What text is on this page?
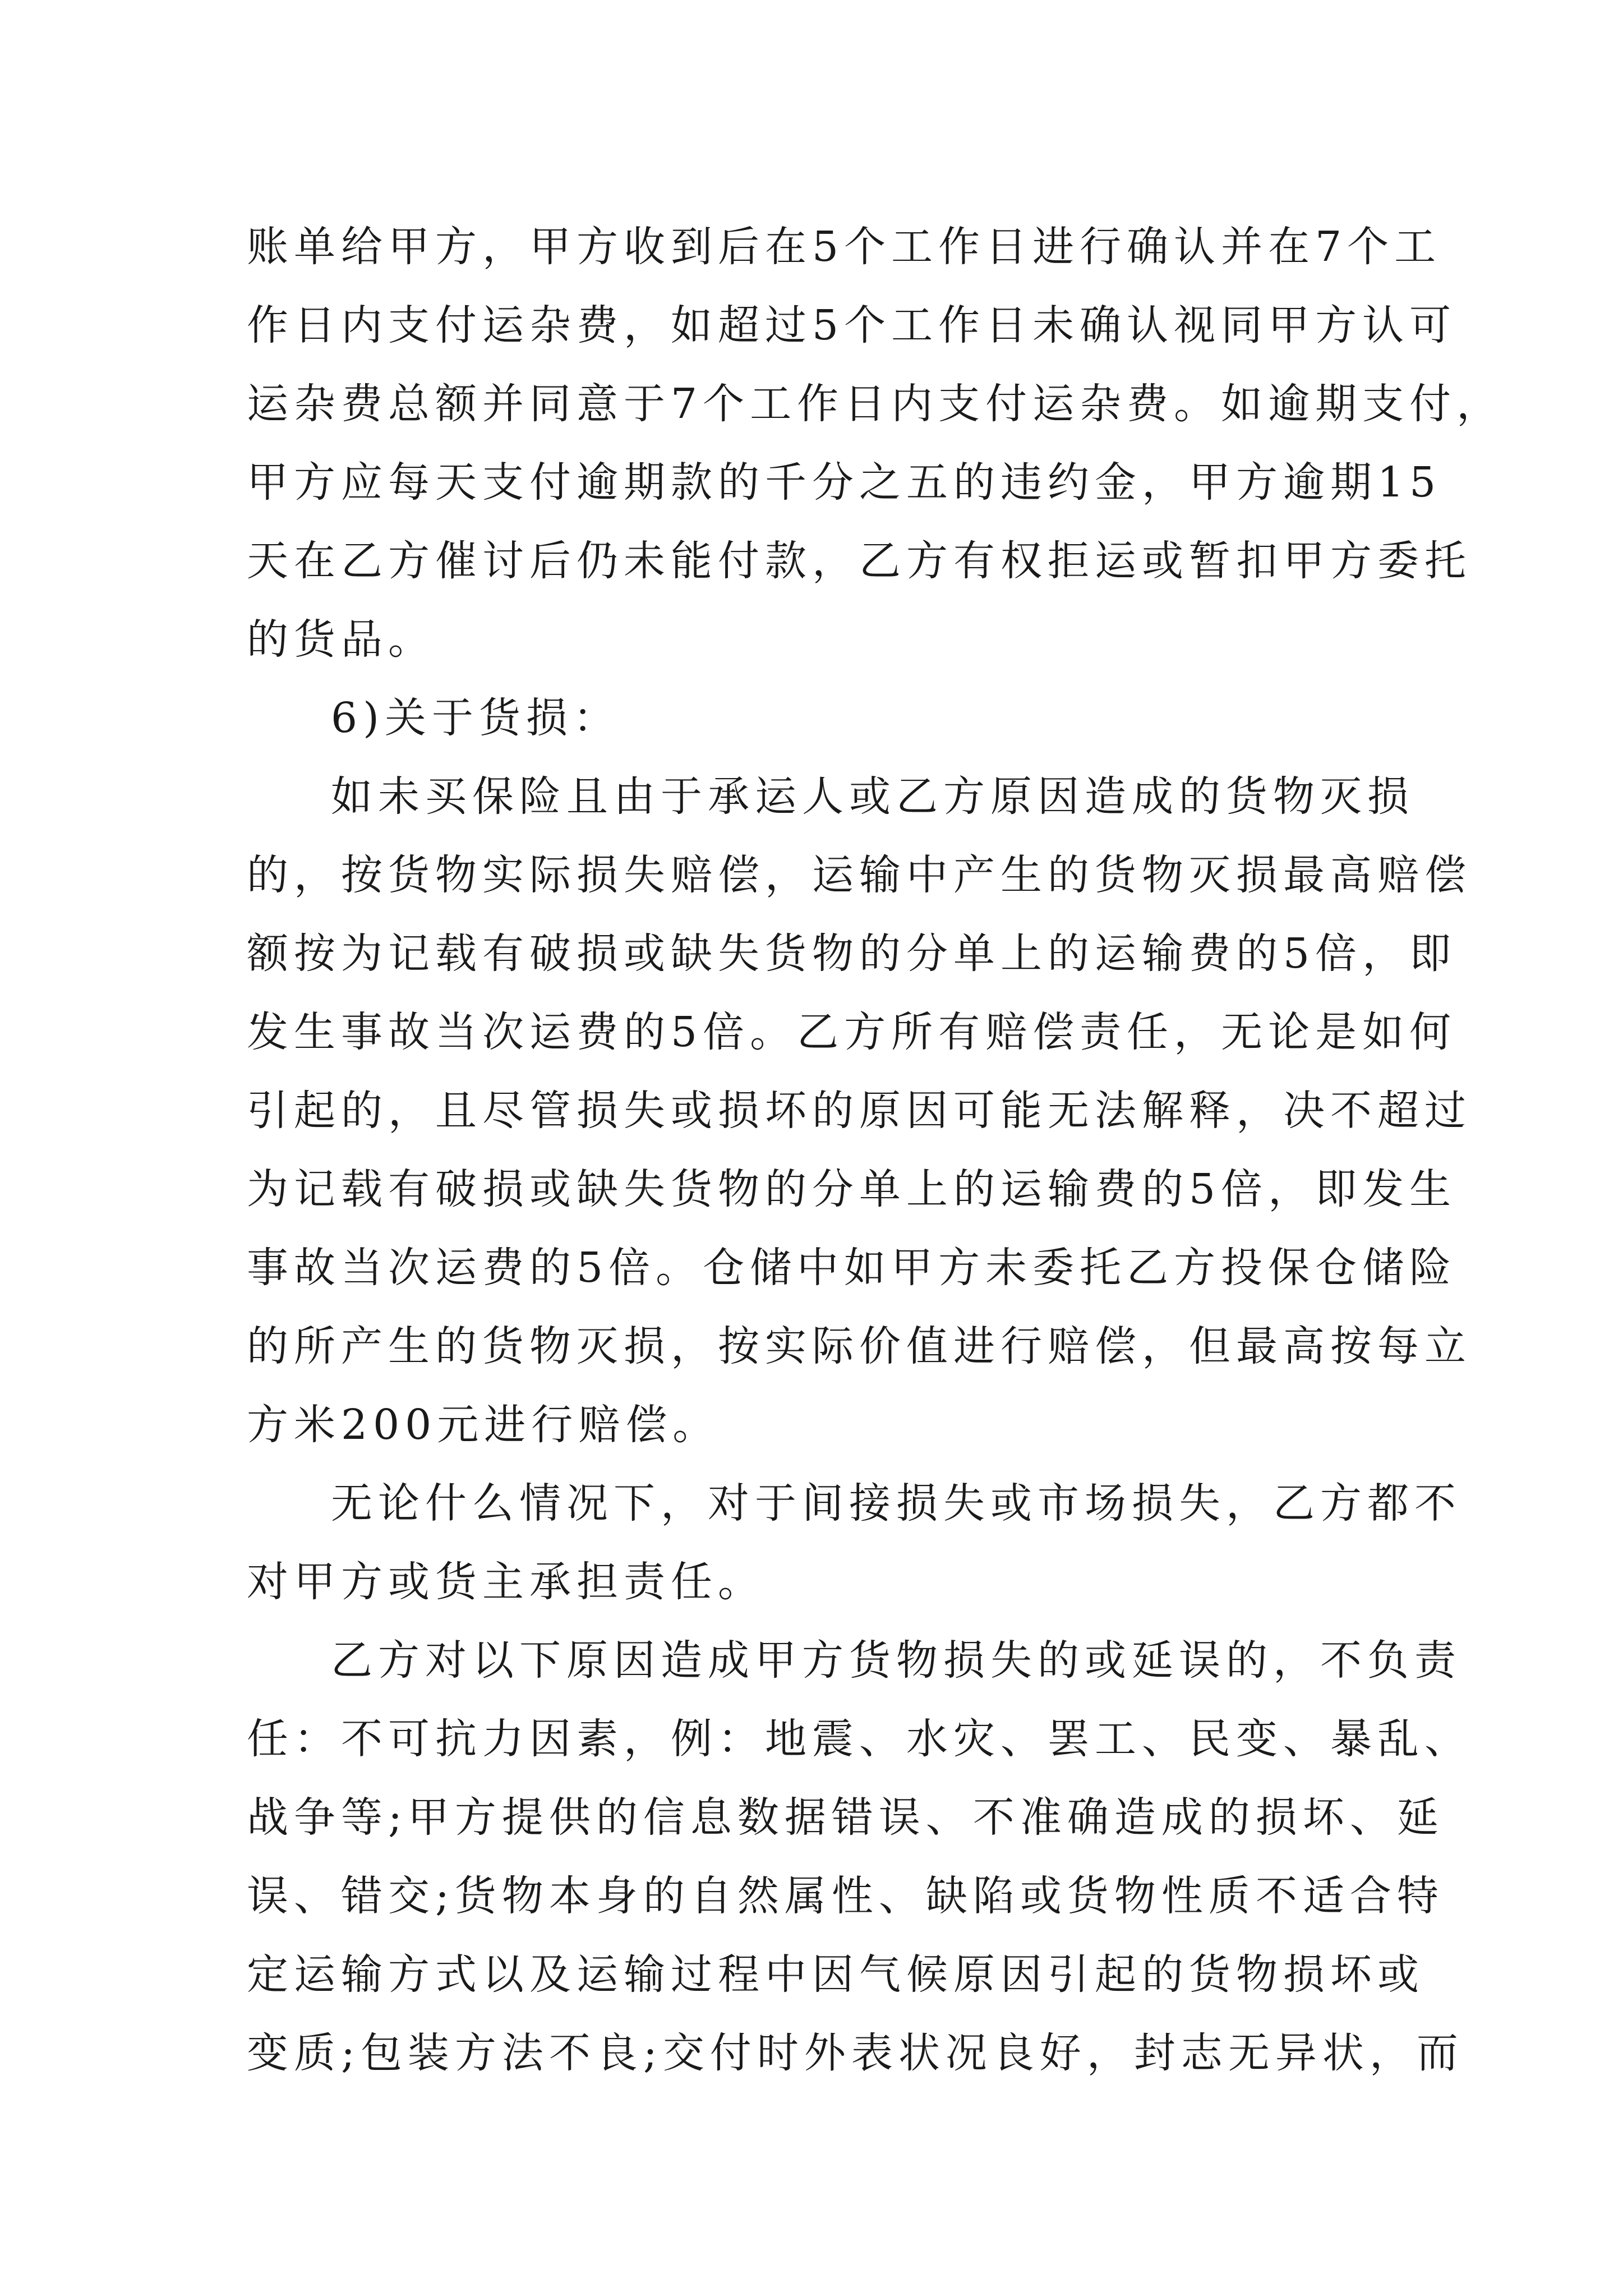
账单给甲方，甲方收到后在5个工作日进行确认并在7个工
作日内支付运杂费，如超过5个工作日未确认视同甲方认可
运杂费总额并同意于7个工作日内支付运杂费。如逾期支付，
甲方应每天支付逾期款的千分之五的违约金，甲方逾期15
天在乙方催讨后仍未能付款，乙方有权拒运或暂扣甲方委托
的货品。
6)关于货损：
如未买保险且由于承运人或乙方原因造成的货物灭损
的，按货物实际损失赔偿，运输中产生的货物灭损最高赔偿
额按为记载有破损或缺失货物的分单上的运输费的5倍，即
发生事故当次运费的5倍。乙方所有赔偿责任，无论是如何
引起的，且尽管损失或损坏的原因可能无法解释，决不超过
为记载有破损或缺失货物的分单上的运输费的5倍，即发生
事故当次运费的5倍。仓储中如甲方未委托乙方投保仓储险
的所产生的货物灭损，按实际价值进行赔偿，但最高按每立
方米200元进行赔偿。
无论什么情况下，对于间接损失或市场损失，乙方都不
对甲方或货主承担责任。
乙方对以下原因造成甲方货物损失的或延误的，不负责
任：不可抗力因素，例：地震、水灾、罢工、民变、暴乱、
战争等;甲方提供的信息数据错误、不准确造成的损坏、延
误、错交;货物本身的自然属性、缺陷或货物性质不适合特
定运输方式以及运输过程中因气候原因引起的货物损坏或
变质;包装方法不良;交付时外表状况良好，封志无异状，而
